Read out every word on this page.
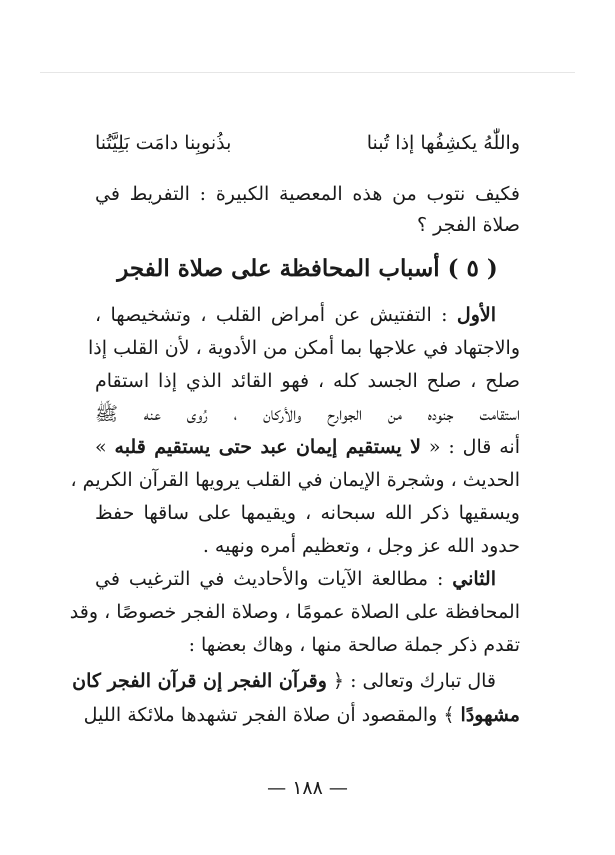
واللّٰهُ يكشِفُها إذا تُبنا
بذُنوبِنا دامَت بَلِيَّتُنا
فكيف نتوب من هذه المعصية الكبيرة : التفريط في
صلاة الفجر ؟
( ٥ ) أسباب المحافظة على صلاة الفجر
الأول : التفتيش عن أمراض القلب ، وتشخيصها ،
والاجتهاد في علاجها بما أمكن من الأدوية ، لأن القلب إذا
صلح ، صلح الجسد كله ، فهو القائد الذي إذا استقام
استقامت جنوده من الجوارح والأركان ، رُوى عنه ﷺ
أنه قال : « لا يستقيم إيمان عبد حتى يستقيم قلبه »
الحديث ، وشجرة الإيمان في القلب يرويها القرآن الكريم ،
ويسقيها ذكر الله سبحانه ، ويقيمها على ساقها حفظ
حدود الله عز وجل ، وتعظيم أمره ونهيه .
الثاني : مطالعة الآيات والأحاديث في الترغيب في
المحافظة على الصلاة عمومًا ، وصلاة الفجر خصوصًا ، وقد
تقدم ذكر جملة صالحة منها ، وهاك بعضها :
قال تبارك وتعالى : ﴿ وقرآن الفجر إن قرآن الفجر كان
مشهودًا ﴾ والمقصود أن صلاة الفجر تشهدها ملائكة الليل
— ١٨٨ —
